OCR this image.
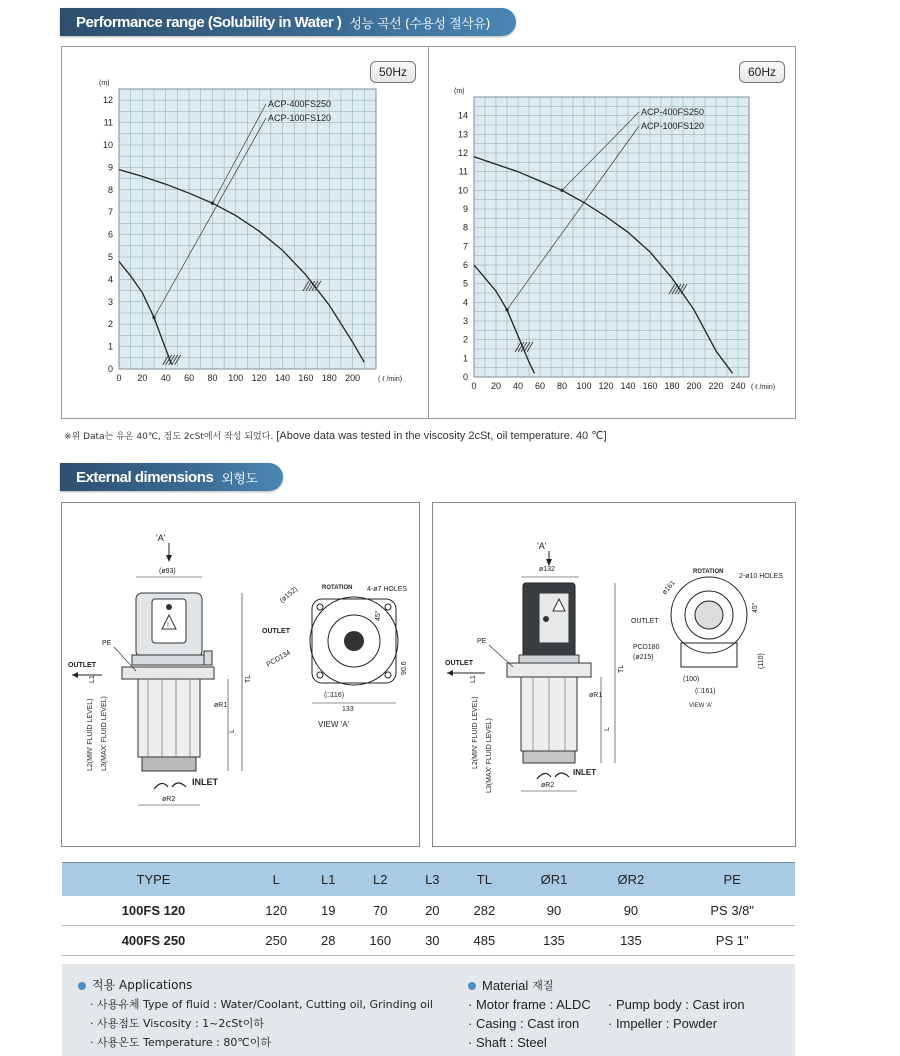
Performance range (Solubility in Water ) 성능 곡선 (수용성 절삭유)
0 20 40 60 80 100 120 140 160 180 200
0
1
2
3
4
5
6
7
8
9
10
11
12
(m)
( ℓ /min)
ACP-400FS250
ACP-100FS120
0 20 40 60 80 100 120 140 160 180 200 220 240
0
1
2
3
4
5
6
7
8
9
10
11
12
13
14
(m)
( ℓ /min)
ACP-400FS250
ACP-100FS120
50Hz	60Hz
※위 Data는 유온 40℃, 점도 2cSt에서 작성 되었다. [Above data was tested in the viscosity 2cSt, oil temperature. 40 ℃]
External dimensions 외형도
'A'
(ø93)
!
PE
OUTLET
øR1
TL
L
L1
L2(MIN' FLUID LEVEL) L3(MAX' FLUID LEVEL)
INLET
øR2
ROTATION 4-ø7 HOLES
(ø152)
OUTLET
PCD134
45°
90.6
(□116)
133
VIEW 'A'
'A'
ø132
PE
OUTLET
øR1
TL
L
L1
L2(MIN' FLUID LEVEL) L3(MAX' FLUID LEVEL)	INLET
øR2
ROTATION
2-ø10 HOLES
ø161
OUTLET
PCD180
(ø215)
45°
(110)
(100)
(□161)
VIEW 'A'
TYPE	L	L1	L2	L3	TL	ØR1	ØR2	PE
100FS 120	120	19	70	20	282	90	90	PS 3/8"
400FS 250	250	28	160	30	485	135	135	PS 1"
적용 Applications
· 사용유체 Type of fluid : Water/Coolant, Cutting oil, Grinding oil
· 사용점도 Viscosity : 1~2cSt이하
· 사용온도 Temperature : 80℃이하
Material 재질
· Motor frame : ALDC
· Casing : Cast iron
· Shaft : Steel
· Pump body : Cast iron
· Impeller : Powder
